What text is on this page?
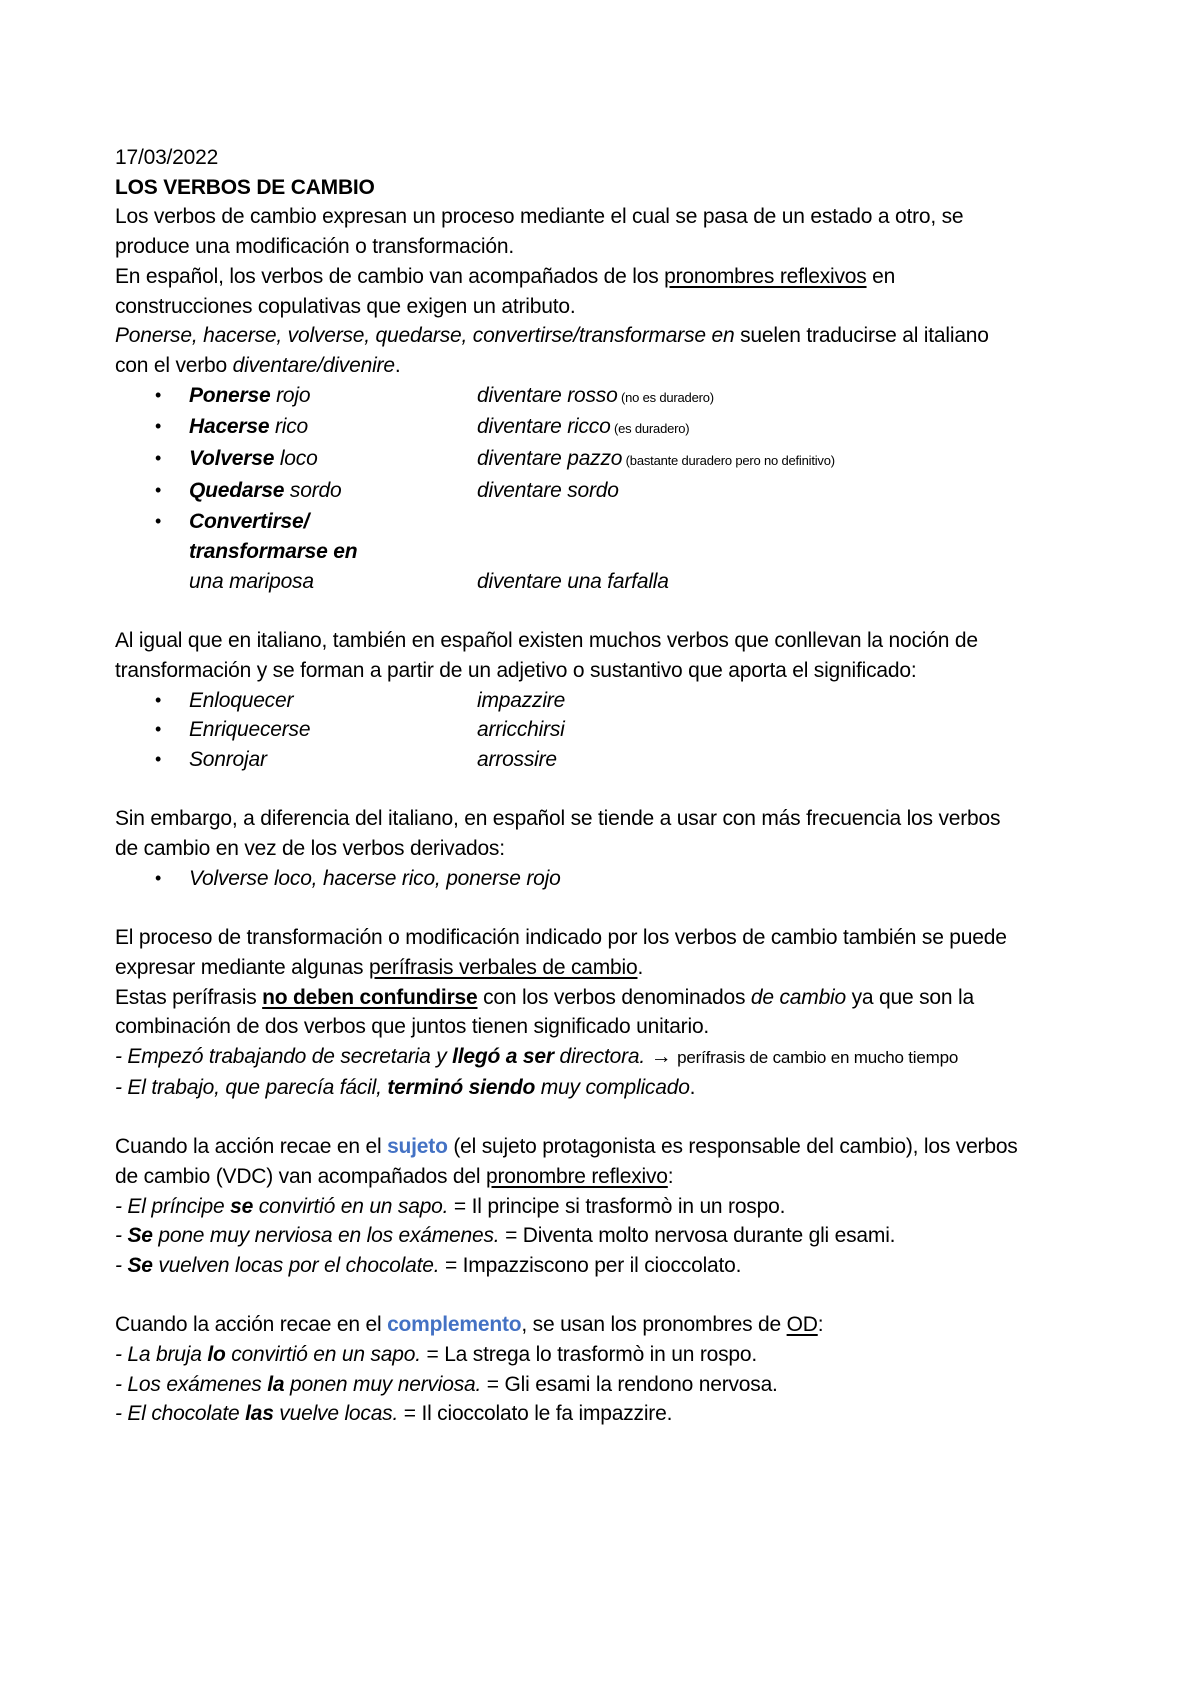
17/03/2022
LOS VERBOS DE CAMBIO
Los verbos de cambio expresan un proceso mediante el cual se pasa de un estado a otro, se
produce una modificación o transformación.
En español, los verbos de cambio van acompañados de los pronombres reflexivos en
construcciones copulativas que exigen un atributo.
Ponerse, hacerse, volverse, quedarse, convertirse/transformarse en suelen traducirse al italiano
con el verbo diventare/divenire.
• Ponerse rojo	diventare rosso (no es duradero)
• Hacerse rico	diventare ricco (es duradero)
• Volverse loco	diventare pazzo (bastante duradero pero no definitivo)
• Quedarse sordo	diventare sordo
• Convertirse/
transformarse en
una mariposa	diventare una farfalla
Al igual que en italiano, también en español existen muchos verbos que conllevan la noción de
transformación y se forman a partir de un adjetivo o sustantivo que aporta el significado:
• Enloquecer	impazzire
• Enriquecerse	arricchirsi
• Sonrojar	arrossire
Sin embargo, a diferencia del italiano, en español se tiende a usar con más frecuencia los verbos
de cambio en vez de los verbos derivados:
• Volverse loco, hacerse rico, ponerse rojo
El proceso de transformación o modificación indicado por los verbos de cambio también se puede
expresar mediante algunas perífrasis verbales de cambio.
Estas perífrasis no deben confundirse con los verbos denominados de cambio ya que son la
combinación de dos verbos que juntos tienen significado unitario.
- Empezó trabajando de secretaria y llegó a ser directora. → perífrasis de cambio en mucho tiempo
- El trabajo, que parecía fácil, terminó siendo muy complicado.
Cuando la acción recae en el sujeto (el sujeto protagonista es responsable del cambio), los verbos
de cambio (VDC) van acompañados del pronombre reflexivo:
- El príncipe se convirtió en un sapo. = Il principe si trasformò in un rospo.
- Se pone muy nerviosa en los exámenes. = Diventa molto nervosa durante gli esami.
- Se vuelven locas por el chocolate. = Impazziscono per il cioccolato.
Cuando la acción recae en el complemento, se usan los pronombres de OD:
- La bruja lo convirtió en un sapo. = La strega lo trasformò in un rospo.
- Los exámenes la ponen muy nerviosa. = Gli esami la rendono nervosa.
- El chocolate las vuelve locas. = Il cioccolato le fa impazzire.
